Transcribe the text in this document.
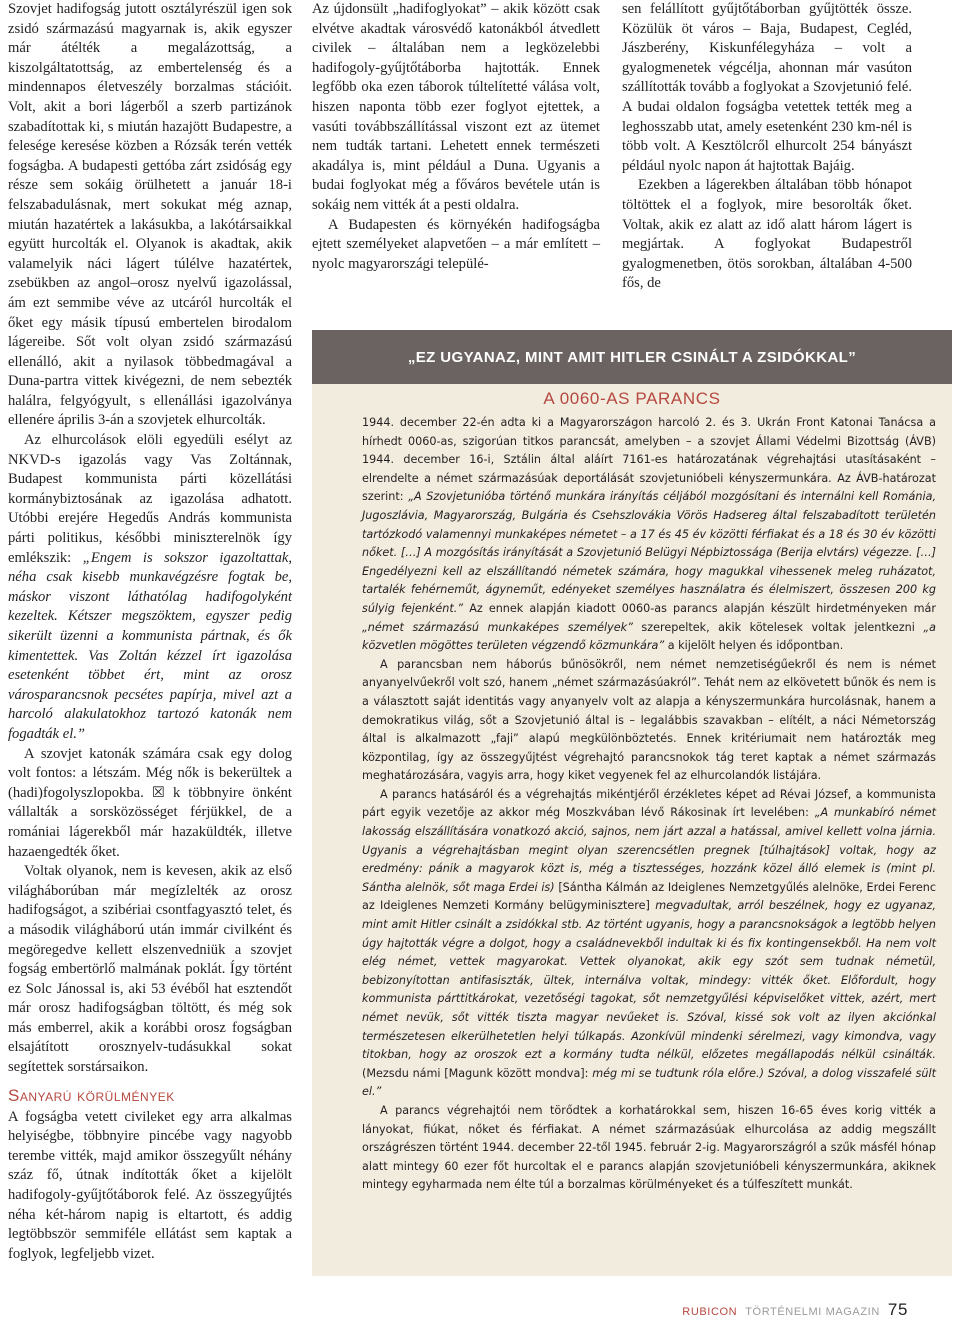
Szovjet hadifogság jutott osztályrészül igen sok zsidó származású magyarnak is, akik egyszer már átélték a megalázottság, a kiszolgáltatottság, az embertelenség és a mindennapos életveszély borzalmas stációit. Volt, akit a bori lágerből a szerb partizánok szabadítottak ki, s miután hazajött Budapestre, a felesége keresése közben a Rózsák terén vették fogságba. A budapesti gettóba zárt zsidóság egy része sem sokáig örülhetett a január 18-i felszabadulásnak, mert sokukat még aznap, miután hazatértek a lakásukba, a lakótársaikkal együtt hurcolták el. Olyanok is akadtak, akik valamelyik náci lágert túlélve hazatértek, zsebükben az angol–orosz nyelvű igazolással, ám ezt semmibe véve az utcáról hurcolták el őket egy másik típusú embertelen birodalom lágereibe. Sőt volt olyan zsidó származású ellenálló, akit a nyilasok többedmagával a Duna-partra vittek kivégezni, de nem sebezték halálra, felgyógyult, s ellenállási igazolványa ellenére április 3-án a szovjetek elhurcolták.

Az elhurcolások elöli egyedüli esélyt az NKVD-s igazolás vagy Vas Zoltánnak, Budapest kommunista párti közellátási kormánybiztosának az igazolása adhatott. Utóbbi erejére Hegedűs András kommunista párti politikus, későbbi miniszterelnök így emlékszik: „Engem is sokszor igazoltattak, néha csak kisebb munkavégzésre fogtak be, máskor viszont láthatólag hadifogolyként kezeltek. Kétszer megszöktem, egyszer pedig sikerült üzenni a kommunista pártnak, és ők kimentettek. Vas Zoltán kézzel írt igazolása esetenként többet ért, mint az orosz városparancsnok pecsétes papírja, mivel azt a harcoló alakulatokhoz tartozó katonák nem fogadták el.”

A szovjet katonák számára csak egy dolog volt fontos: a létszám. Még nők is bekerültek a (hadi)fogolyszlopokba. ☒ k többnyire önként vállalták a sorsközösséget férjükkel, de a romániai lágerekből már hazaküldték, illetve hazaengedték őket.

Voltak olyanok, nem is kevesen, akik az első világháborúban már megízlelték az orosz hadifogságot, a szibériai csontfagyasztó telet, és a második világháború után immár civilként és megöregedve kellett elszenvedniük a szovjet fogság embertörlő malmának poklát. Így történt ez Solc Jánossal is, aki 53 évéből hat esztendőt már orosz hadifogságban töltött, és még sok más emberrel, akik a korábbi orosz fogságban elsajátított orosznyelv-tudásukkal sokat segítettek sorstársaikon.

Sanyarú körülmények

A fogságba vetett civileket egy arra alkalmas helyiségbe, többnyire pincébe vagy nagyobb terembe vitték, majd amikor összegyűlt néhány száz fő, útnak indították őket a kijelölt hadifogoly-gyűjtőtáborok felé. Az összegyűjtés néha két-három napig is eltartott, és addig legtöbbször semmiféle ellátást sem kaptak a foglyok, legfeljebb vizet.

Az újdonsült „hadifoglyokat” – akik között csak elvétve akadtak városvédő katonákból átvedlett civilek – általában nem a legközelebbi hadifogoly-gyűjtőtáborba hajtották. Ennek legfőbb oka ezen táborok túltelítetté válása volt, hiszen naponta több ezer foglyot ejtettek, a vasúti továbbszállítással viszont ezt az ütemet nem tudták tartani. Lehetett ennek természeti akadálya is, mint például a Duna. Ugyanis a budai foglyokat még a főváros bevétele után is sokáig nem vitték át a pesti oldalra.

A Budapesten és környékén hadifogságba ejtett személyeket alapvetően – a már említett – nyolc magyarországi települé-

sen felállított gyűjtőtáborban gyűjtötték össze. Közülük öt város – Baja, Budapest, Cegléd, Jászberény, Kiskunfélegyháza – volt a gyalogmenetek végcélja, ahonnan már vasúton szállították tovább a foglyokat a Szovjetunió felé. A budai oldalon fogságba vetettek tették meg a leghosszabb utat, amely esetenként 230 km-nél is több volt. A Kesztölcről elhurcolt 254 bányászt például nyolc napon át hajtottak Bajáig.

Ezekben a lágerekben általában több hónapot töltöttek el a foglyok, mire besorolták őket. Voltak, akik ez alatt az idő alatt három lágert is megjártak. A foglyokat Budapestről gyalogmenetben, ötös sorokban, általában 4-500 fős, de

„EZ UGYANAZ, MINT AMIT HITLER CSINÁLT A ZSIDÓKKAL”
A 0060-AS PARANCS

1944. december 22-én adta ki a Magyarországon harcoló 2. és 3. Ukrán Front Katonai Tanácsa a hírhedt 0060-as, szigorúan titkos parancsát, amelyben – a szovjet Állami Védelmi Bizottság (ÁVB) 1944. december 16-i, Sztálin által aláírt 7161-es határozatának végrehajtási utasításaként – elrendelte a német származásúak deportálását szovjetunióbeli kényszermunkára. Az ÁVB-határozat szerint: „A Szovjetunióba történő munkára irányítás céljából mozgósítani és internálni kell Románia, Jugoszlávia, Magyarország, Bulgária és Csehszlovákia Vörös Hadsereg által felszabadított területén tartózkodó valamennyi munkaképes németet – a 17 és 45 év közötti férfiakat és a 18 és 30 év közötti nőket. […] A mozgósítás irányítását a Szovjetunió Belügyi Népbiztossága (Berija elvtárs) végezze. […] Engedélyezni kell az elszállítandó németek számára, hogy magukkal vihessenek meleg ruházatot, tartalék fehérneműt, ágyneműt, edényeket személyes használatra és élelmiszert, összesen 200 kg súlyig fejenként.” Az ennek alapján kiadott 0060-as parancs alapján készült hirdetményeken már „német származású munkaképes személyek” szerepeltek, akik kötelesek voltak jelentkezni „a közvetlen mögöttes területen végzendő közmunkára” a kijelölt helyen és időpontban.

A parancsban nem háborús bűnösökről, nem német nemzetiségűekről és nem is német anyanyelvűekről volt szó, hanem „német származásúakról”. Tehát nem az elkövetett bűnök és nem is a választott saját identitás vagy anyanyelv volt az alapja a kényszermunkára hurcolásnak, hanem a demokratikus világ, sőt a Szovjetunió által is – legalábbis szavakban – elítélt, a náci Németország által is alkalmazott „faji” alapú megkülönböztetés. Ennek kritériumait nem határozták meg központilag, így az összegyűjtést végrehajtó parancsnokok tág teret kaptak a német származás meghatározására, vagyis arra, hogy kiket vegyenek fel az elhurcolandók listájára.

A parancs hatásáról és a végrehajtás mikéntjéről érzékletes képet ad Révai József, a kommunista párt egyik vezetője az akkor még Moszkvában lévő Rákosinak írt levelében: „A munkabíró német lakosság elszállítására vonatkozó akció, sajnos, nem járt azzal a hatással, amivel kellett volna járnia. Ugyanis a végrehajtásban megint olyan szerencsétlen pregnek [túlhajtások] voltak, hogy az eredmény: pánik a magyarok közt is, még a tisztességes, hozzánk közel álló elemek is (mint pl. Sántha alelnök, sőt maga Erdei is) [Sántha Kálmán az Ideiglenes Nemzetgyűlés alelnöke, Erdei Ferenc az Ideiglenes Nemzeti Kormány belügyminisztere] megvadultak, arról beszélnek, hogy ez ugyanaz, mint amit Hitler csinált a zsidókkal stb. Az történt ugyanis, hogy a parancsnokságok a legtöbb helyen úgy hajtották végre a dolgot, hogy a családnevekből indultak ki és fix kontingensekből. Ha nem volt elég német, vettek magyarokat. Vettek olyanokat, akik egy szót sem tudnak németül, bebizonyítottan antifasiszták, ültek, internálva voltak, mindegy: vitték őket. Előfordult, hogy kommunista párttitkárokat, vezetőségi tagokat, sőt nemzetgyűlési képviselőket vittek, azért, mert német nevük, sőt vitték tiszta magyar nevűeket is. Szóval, kissé sok volt az ilyen akciónkal természetesen elkerülhetetlen helyi túlkapás. Azonkívül mindenki sérelmezi, vagy kimondva, vagy titokban, hogy az oroszok ezt a kormány tudta nélkül, előzetes megállapodás nélkül csinálták. (Mezsdu námi [Magunk között mondva]: még mi se tudtunk róla előre.) Szóval, a dolog visszafelé sült el.”

A parancs végrehajtói nem törődtek a korhatárokkal sem, hiszen 16-65 éves korig vitték a lányokat, fiúkat, nőket és férfiakat. A német származásúak elhurcolása az addig megszállt országrészen történt 1944. december 22-től 1945. február 2-ig. Magyarországról a szűk másfél hónap alatt mintegy 60 ezer főt hurcoltak el e parancs alapján szovjetunióbeli kényszermunkára, akiknek mintegy egyharmada nem élte túl a borzalmas körülményeket és a túlfeszített munkát.

RUBICON TÖRTÉNELMI MAGAZIN 75
